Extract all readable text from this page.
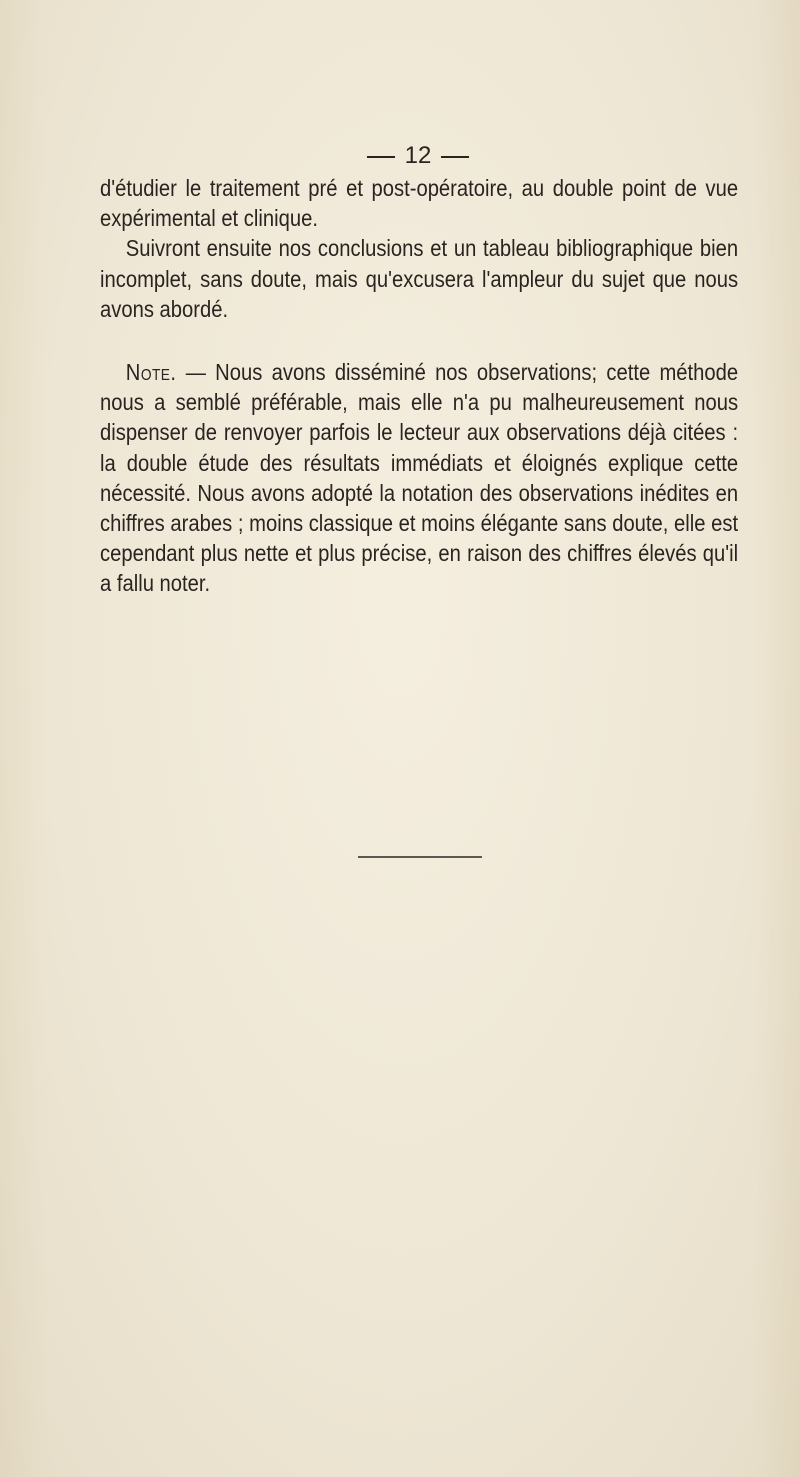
12

d'étudier le traitement pré et post-opératoire, au double point de vue expérimental et clinique.

Suivront ensuite nos conclusions et un tableau bibliographique bien incomplet, sans doute, mais qu'excusera l'ampleur du sujet que nous avons abordé.

Note. — Nous avons disséminé nos observations; cette méthode nous a semblé préférable, mais elle n'a pu malheureusement nous dispenser de renvoyer parfois le lecteur aux observations déjà citées : la double étude des résultats immédiats et éloignés explique cette nécessité. Nous avons adopté la notation des observations inédites en chiffres arabes ; moins classique et moins élégante sans doute, elle est cependant plus nette et plus précise, en raison des chiffres élevés qu'il a fallu noter.
